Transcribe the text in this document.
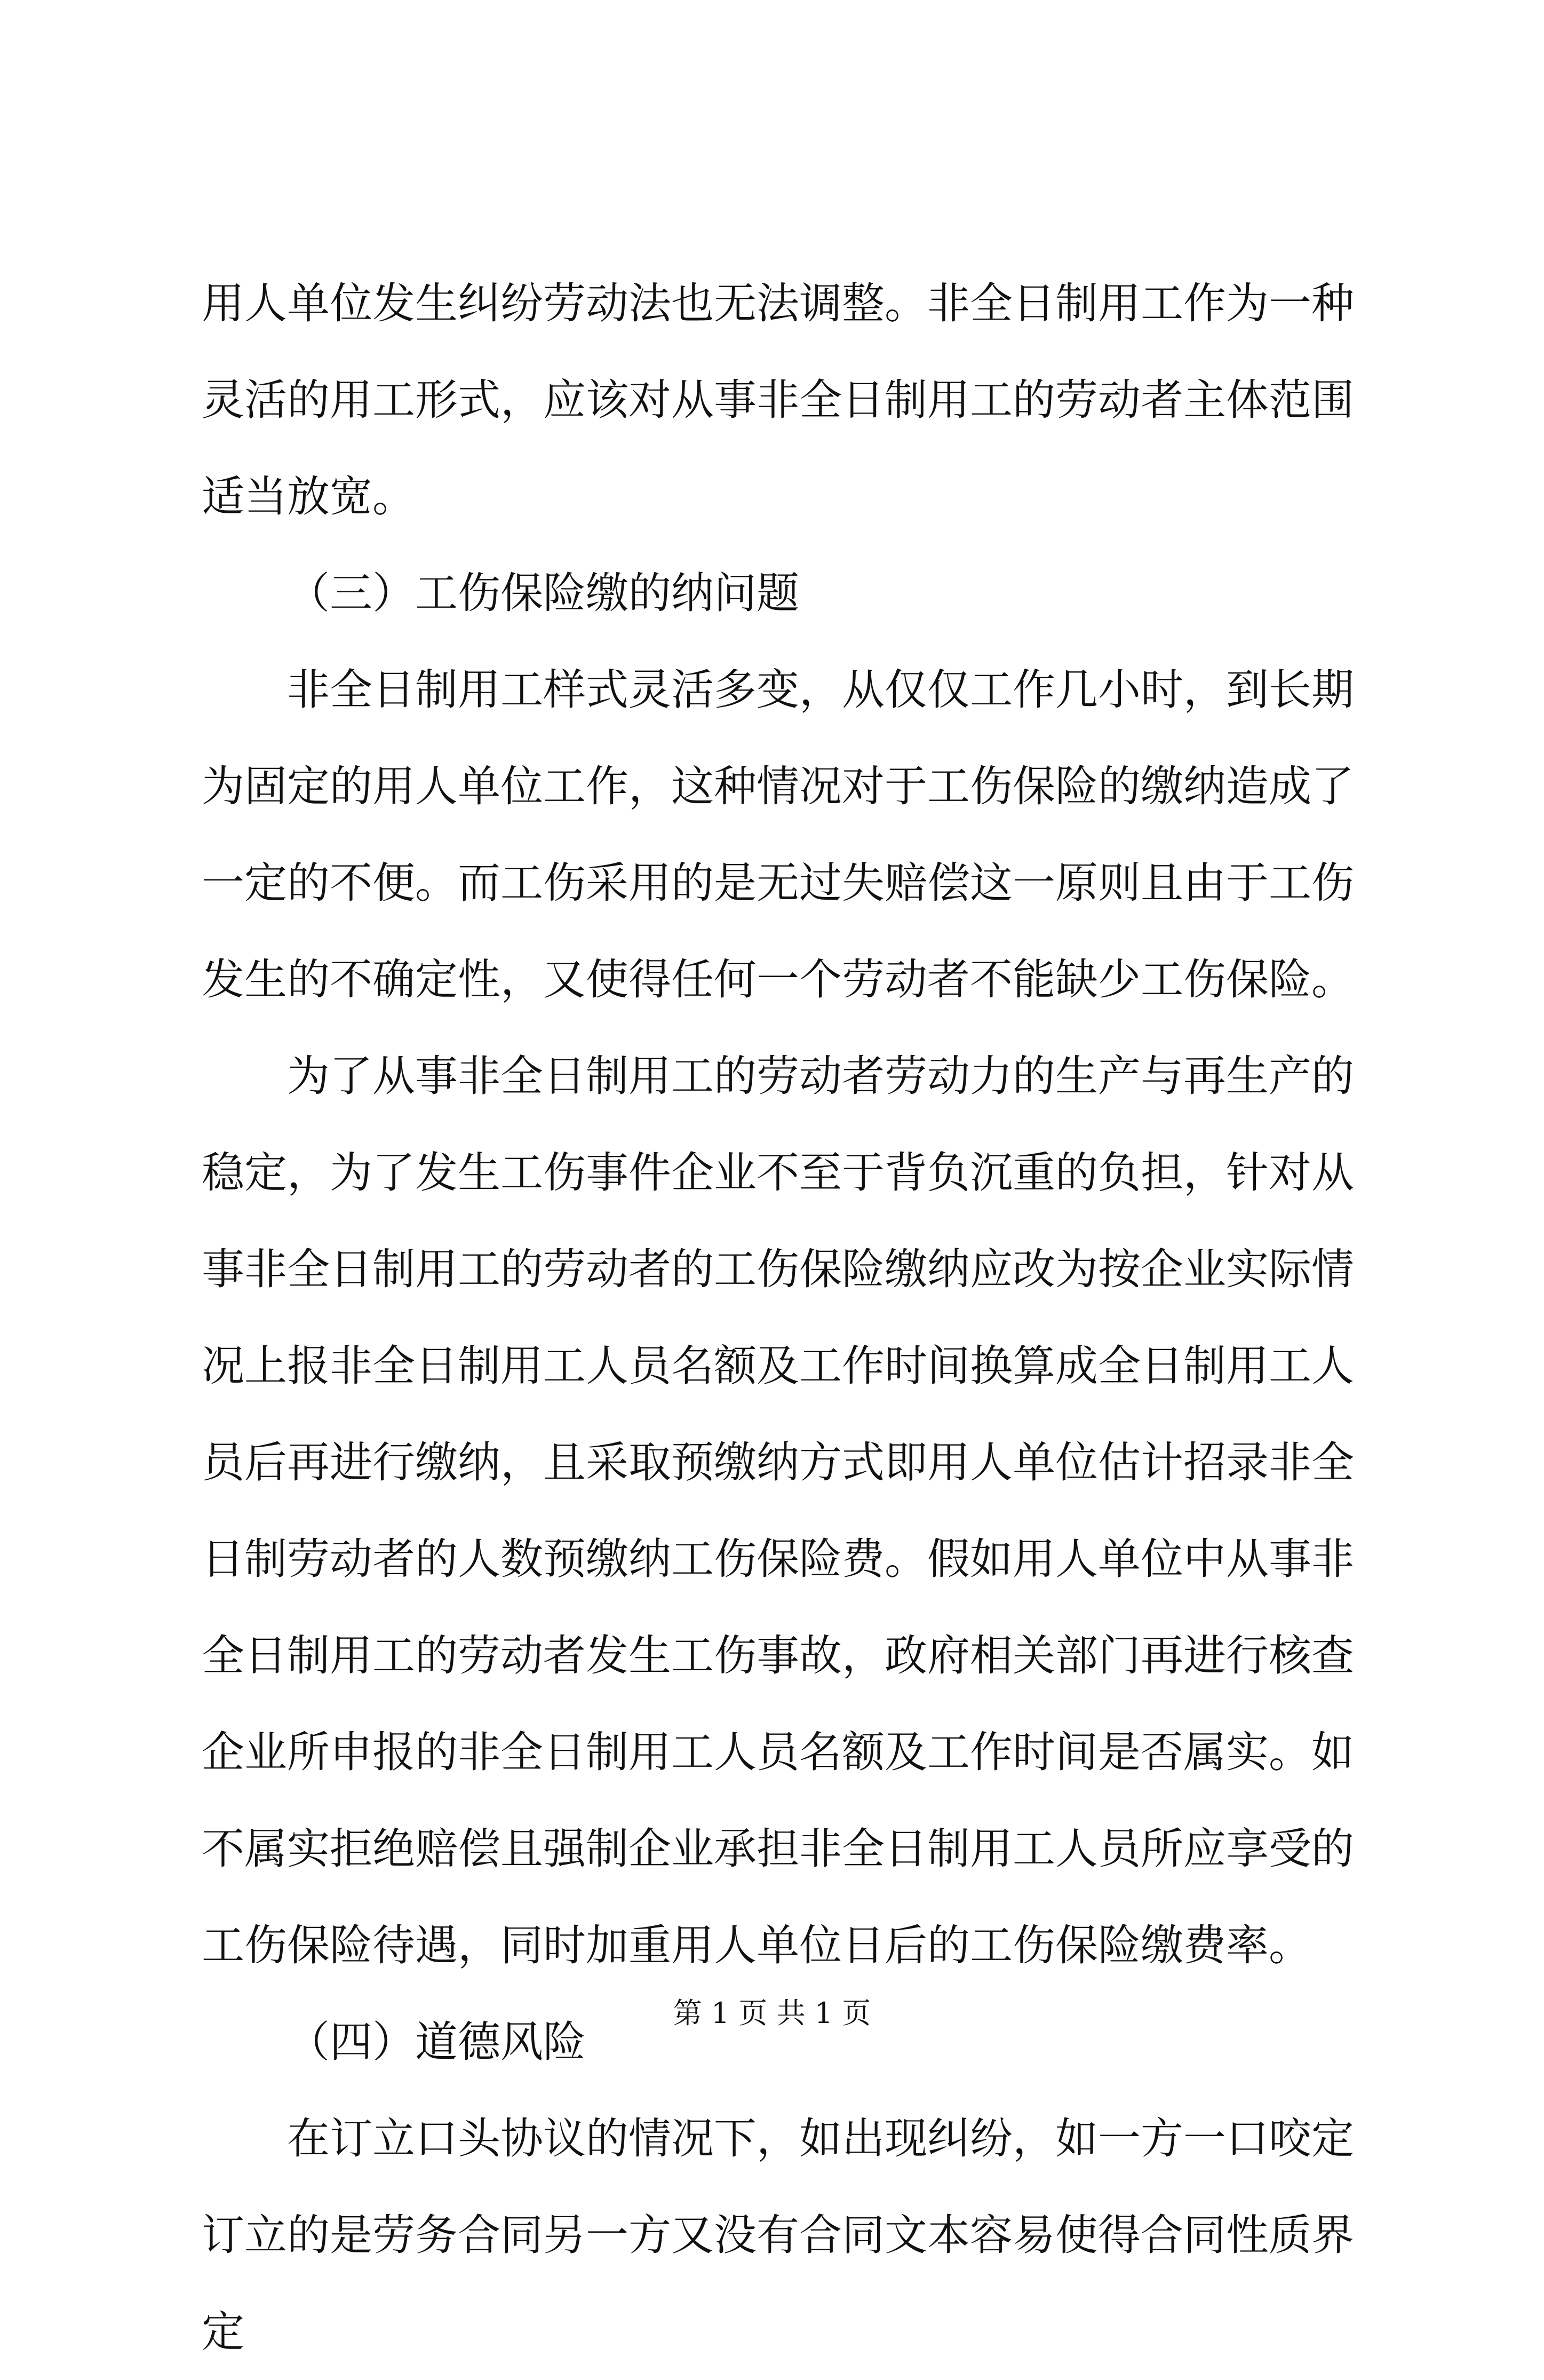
用人单位发生纠纷劳动法也无法调整。非全日制用工作为一种灵活的用工形式，应该对从事非全日制用工的劳动者主体范围适当放宽。

（三）工伤保险缴的纳问题

非全日制用工样式灵活多变，从仅仅工作几小时，到长期为固定的用人单位工作，这种情况对于工伤保险的缴纳造成了一定的不便。而工伤采用的是无过失赔偿这一原则且由于工伤发生的不确定性，又使得任何一个劳动者不能缺少工伤保险。

为了从事非全日制用工的劳动者劳动力的生产与再生产的稳定，为了发生工伤事件企业不至于背负沉重的负担，针对从事非全日制用工的劳动者的工伤保险缴纳应改为按企业实际情况上报非全日制用工人员名额及工作时间换算成全日制用工人员后再进行缴纳，且采取预缴纳方式即用人单位估计招录非全日制劳动者的人数预缴纳工伤保险费。假如用人单位中从事非全日制用工的劳动者发生工伤事故，政府相关部门再进行核查企业所申报的非全日制用工人员名额及工作时间是否属实。如不属实拒绝赔偿且强制企业承担非全日制用工人员所应享受的工伤保险待遇，同时加重用人单位日后的工伤保险缴费率。

（四）道德风险

在订立口头协议的情况下，如出现纠纷，如一方一口咬定订立的是劳务合同另一方又没有合同文本容易使得合同性质界定

第 1 页 共 1 页
